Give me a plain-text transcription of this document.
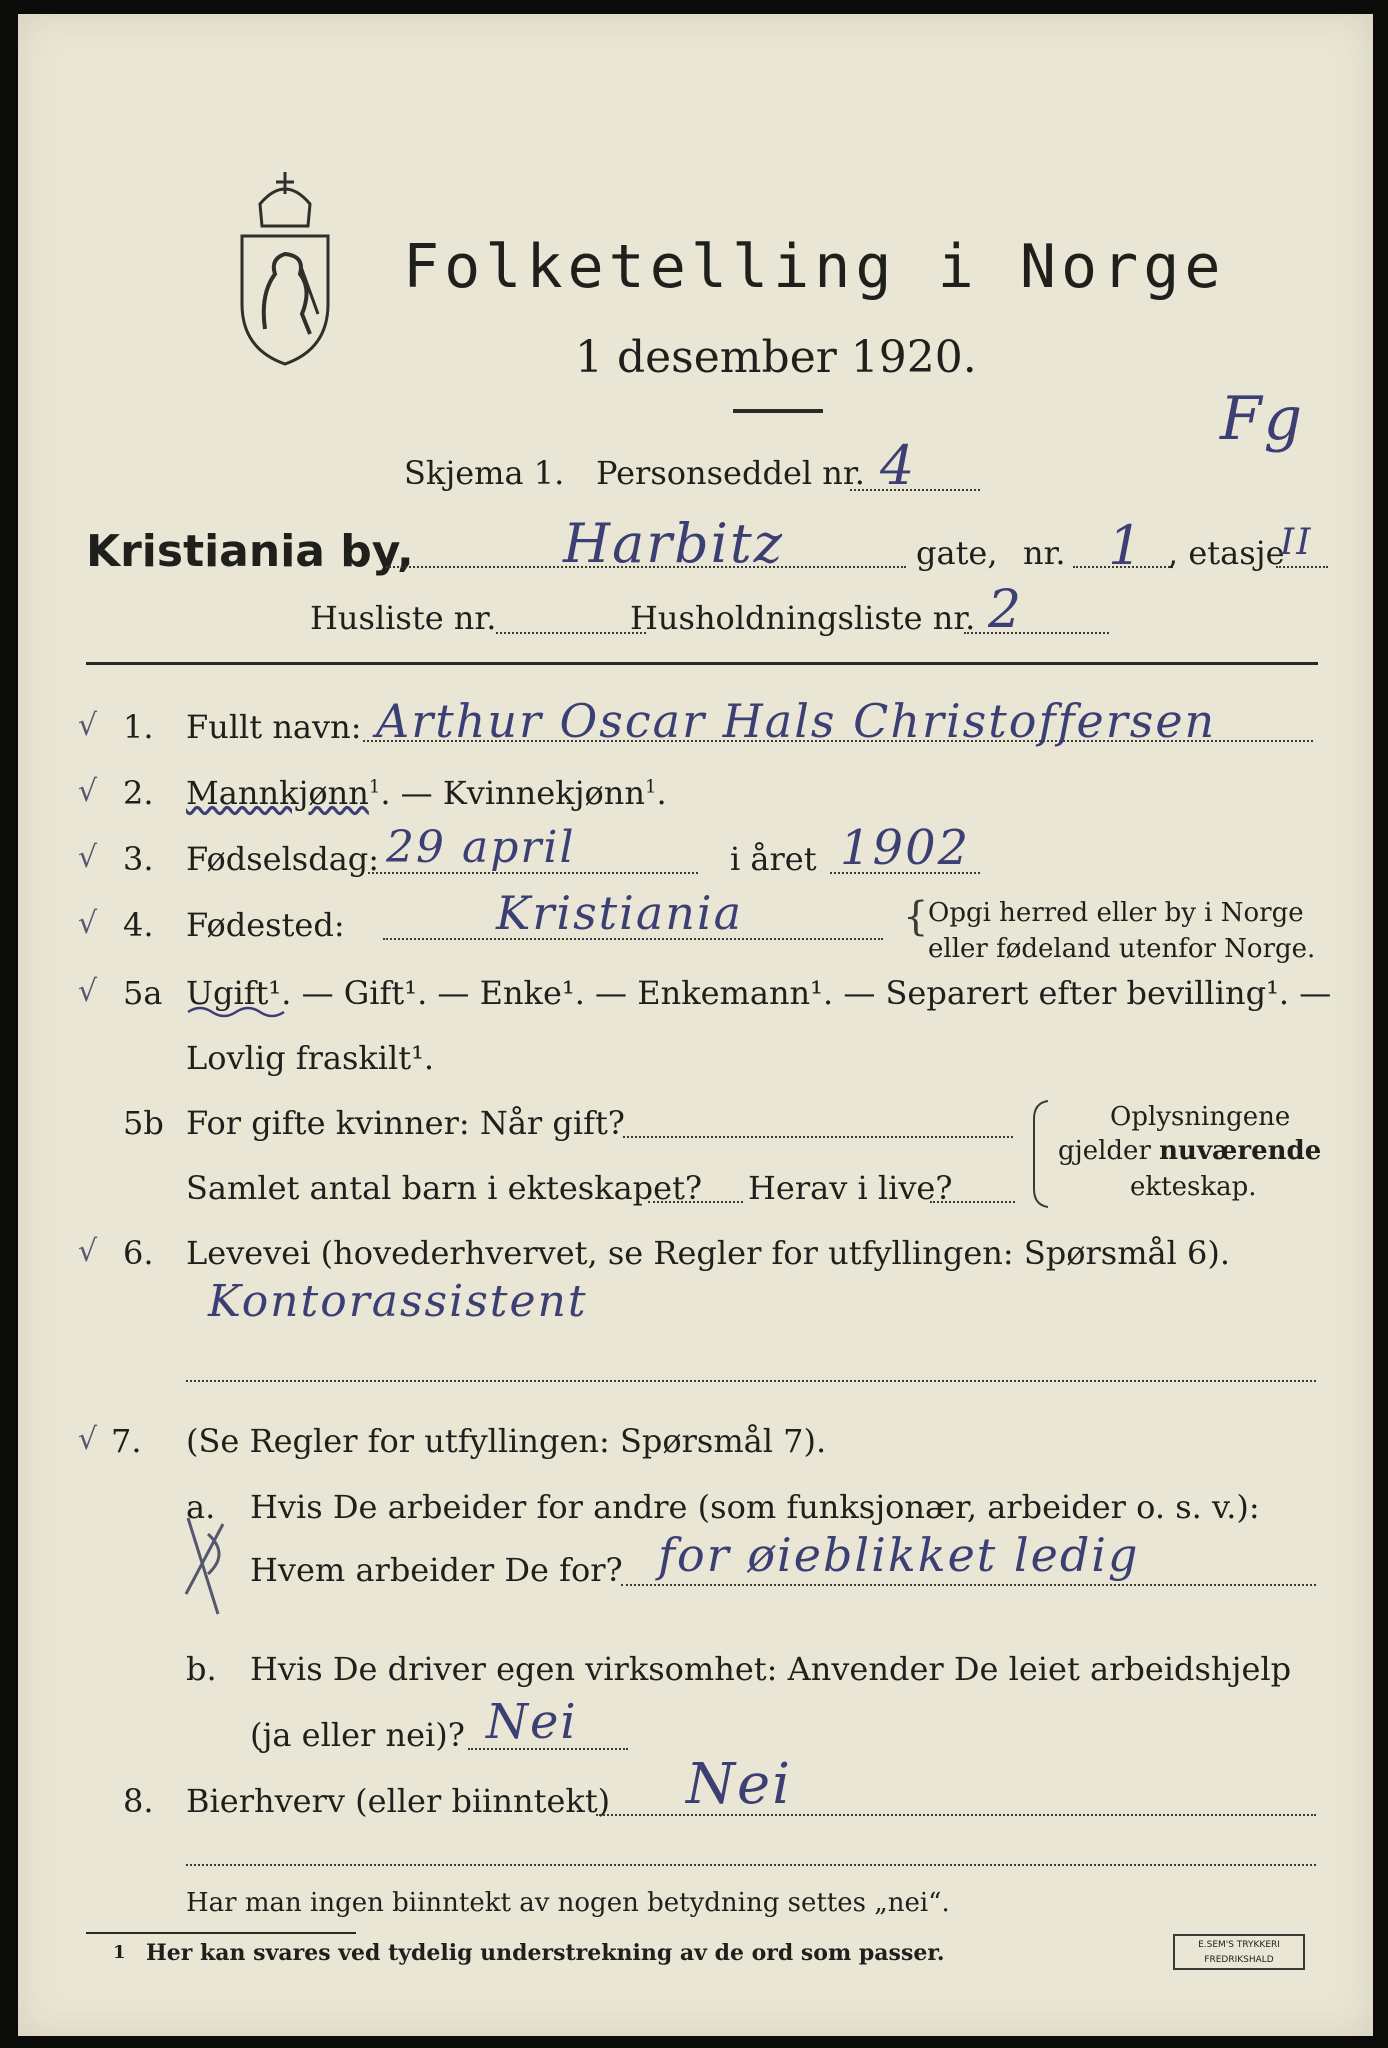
Folketelling i Norge
1 desember 1920.
Fg
Skjema 1. Personseddel nr. 4
Kristiania by,	Harbitz	gate, nr. 1 , etasje
II
Husliste nr.	Husholdningsliste nr. 2
√ 1. Fullt navn: Arthur Oscar Hals Christoffersen
√ 2. Mannkjønn$^1$. — Kvinnekjønn$^1$.
√ 3. Fødselsdag: 29 april	i året 1902
√ 4. Fødested:	Kristiania	{ Opgi herred eller by i Norge
eller fødeland utenfor Norge.
√ 5a Ugift¹. — Gift¹. — Enke¹. — Enkemann¹. — Separert efter bevilling¹. —
Lovlig fraskilt¹.
5b For gifte kvinner: Når gift?
Samlet antal barn i ekteskapet? Herav i live?
Oplysningene
gjelder nuværende
ekteskap.
√ 6. Levevei (hovederhvervet, se Regler for utfyllingen: Spørsmål 6).
Kontorassistent
√ 7. (Se Regler for utfyllingen: Spørsmål 7).
a. Hvis De arbeider for andre (som funksjonær, arbeider o. s. v.):
Hvem arbeider De for? for øieblikket ledig
b. Hvis De driver egen virksomhet: Anvender De leiet arbeidshjelp
(ja eller nei)? Nei
8. Bierhverv (eller biinntekt) Nei
Har man ingen biinntekt av nogen betydning settes „nei“.
1 Her kan svares ved tydelig understrekning av de ord som passer.	E.SEM'S TRYKKERI
FREDRIKSHALD
